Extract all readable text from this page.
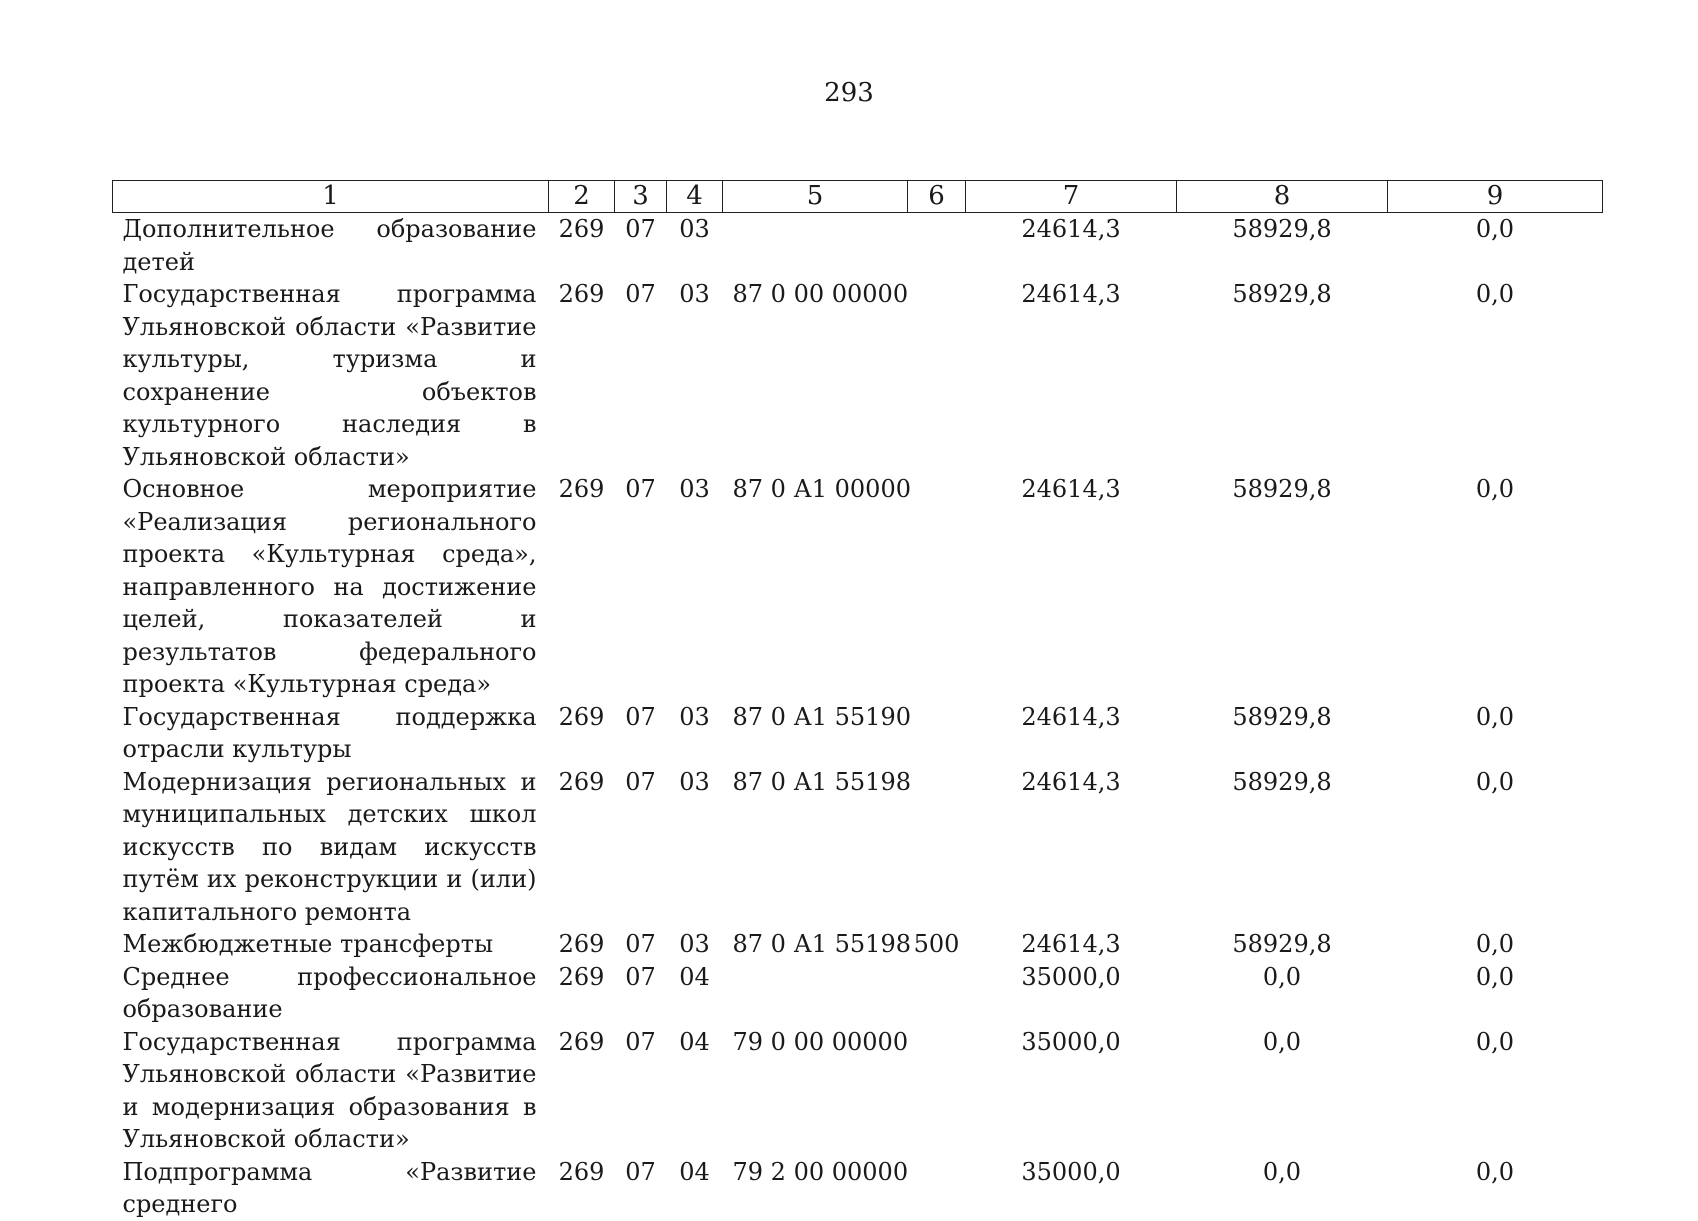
293
1	2	3	4	5	6	7	8	9
Дополнительное образование детей	269	07	03			24614,3	58929,8	0,0
Государственная программа Ульяновской области «Развитие культуры, туризма и сохранение объектов культурного наследия в Ульяновской области»	269	07	03	87 0 00 00000		24614,3	58929,8	0,0
Основное мероприятие «Реализация регионального проекта «Культурная среда», направленного на достижение целей, показателей и результатов федерального проекта «Культурная среда»	269	07	03	87 0 А1 00000		24614,3	58929,8	0,0
Государственная поддержка отрасли культуры	269	07	03	87 0 А1 55190		24614,3	58929,8	0,0
Модернизация региональных и муниципальных детских школ искусств по видам искусств путём их реконструкции и (или) капитального ремонта	269	07	03	87 0 А1 55198		24614,3	58929,8	0,0
Межбюджетные трансферты	269	07	03	87 0 А1 55198	500	24614,3	58929,8	0,0
Среднее профессиональное образование	269	07	04			35000,0	0,0	0,0
Государственная программа Ульяновской области «Развитие и модернизация образования в Ульяновской области»	269	07	04	79 0 00 00000		35000,0	0,0	0,0
Подпрограмма «Развитие среднего	269	07	04	79 2 00 00000		35000,0	0,0	0,0
